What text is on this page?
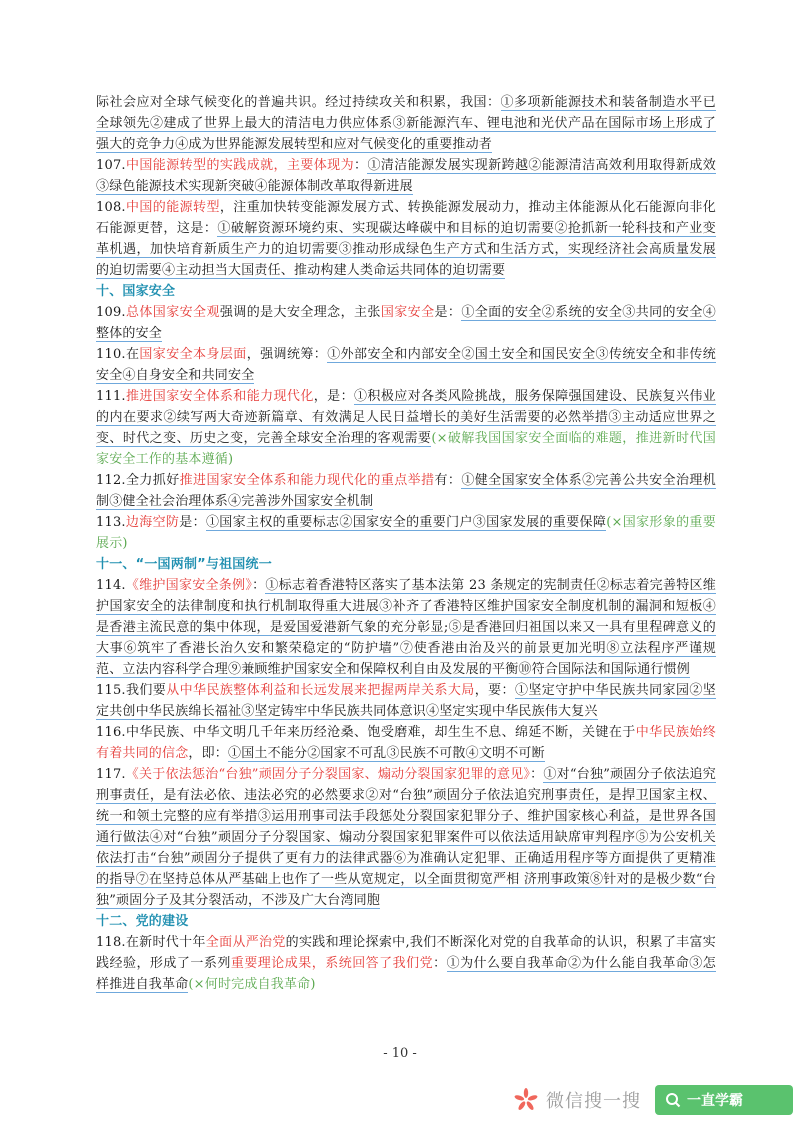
际社会应对全球气候变化的普遍共识。经过持续攻关和积累，我国：①多项新能源技术和装备制造水平已全球领先②建成了世界上最大的清洁电力供应体系③新能源汽车、锂电池和光伏产品在国际市场上形成了强大的竞争力④成为世界能源发展转型和应对气候变化的重要推动者

107.中国能源转型的实践成就，主要体现为：①清洁能源发展实现新跨越②能源清洁高效利用取得新成效③绿色能源技术实现新突破④能源体制改革取得新进展

108.中国的能源转型，注重加快转变能源发展方式、转换能源发展动力，推动主体能源从化石能源向非化石能源更替，这是：①破解资源环境约束、实现碳达峰碳中和目标的迫切需要②抢抓新一轮科技和产业变革机遇，加快培育新质生产力的迫切需要③推动形成绿色生产方式和生活方式，实现经济社会高质量发展的迫切需要④主动担当大国责任、推动构建人类命运共同体的迫切需要

十、国家安全

109.总体国家安全观强调的是大安全理念，主张国家安全是：①全面的安全②系统的安全③共同的安全④整体的安全

110.在国家安全本身层面，强调统筹：①外部安全和内部安全②国土安全和国民安全③传统安全和非传统安全④自身安全和共同安全

111.推进国家安全体系和能力现代化，是：①积极应对各类风险挑战，服务保障强国建设、民族复兴伟业的内在要求②续写两大奇迹新篇章、有效满足人民日益增长的美好生活需要的必然举措③主动适应世界之变、时代之变、历史之变，完善全球安全治理的客观需要(×破解我国国家安全面临的难题，推进新时代国家安全工作的基本遵循)

112.全力抓好推进国家安全体系和能力现代化的重点举措有：①健全国家安全体系②完善公共安全治理机制③健全社会治理体系④完善涉外国家安全机制

113.边海空防是：①国家主权的重要标志②国家安全的重要门户③国家发展的重要保障(×国家形象的重要展示)

十一、“一国两制”与祖国统一

114.《维护国家安全条例》：①标志着香港特区落实了基本法第 23 条规定的宪制责任②标志着完善特区维护国家安全的法律制度和执行机制取得重大进展③补齐了香港特区维护国家安全制度机制的漏洞和短板④是香港主流民意的集中体现，是爱国爱港新气象的充分彰显;⑤是香港回归祖国以来又一具有里程碑意义的大事⑥筑牢了香港长治久安和繁荣稳定的“防护墙”⑦使香港由治及兴的前景更加光明⑧立法程序严谨规范、立法内容科学合理⑨兼顾维护国家安全和保障权利自由及发展的平衡⑩符合国际法和国际通行惯例

115.我们要从中华民族整体利益和长远发展来把握两岸关系大局，要：①坚定守护中华民族共同家园②坚定共创中华民族绵长福祉③坚定铸牢中华民族共同体意识④坚定实现中华民族伟大复兴

116.中华民族、中华文明几千年来历经沧桑、饱受磨难，却生生不息、绵延不断，关键在于中华民族始终有着共同的信念，即：①国土不能分②国家不可乱③民族不可散④文明不可断

117.《关于依法惩治“台独”顽固分子分裂国家、煽动分裂国家犯罪的意见》：①对“台独”顽固分子依法追究刑事责任，是有法必依、违法必究的必然要求②对“台独”顽固分子依法追究刑事责任，是捍卫国家主权、统一和领土完整的应有举措③运用刑事司法手段惩处分裂国家犯罪分子、维护国家核心利益，是世界各国通行做法④对“台独”顽固分子分裂国家、煽动分裂国家犯罪案件可以依法适用缺席审判程序⑤为公安机关依法打击“台独”顽固分子提供了更有力的法律武器⑥为准确认定犯罪、正确适用程序等方面提供了更精准的指导⑦在坚持总体从严基础上也作了一些从宽规定，以全面贯彻宽严相 济刑事政策⑧针对的是极少数“台独”顽固分子及其分裂活动，不涉及广大台湾同胞

十二、党的建设

118.在新时代十年全面从严治党的实践和理论探索中,我们不断深化对党的自我革命的认识，积累了丰富实践经验，形成了一系列重要理论成果，系统回答了我们党：①为什么要自我革命②为什么能自我革命③怎样推进自我革命(×何时完成自我革命)

- 10 -
微信搜一搜	一直学霸
